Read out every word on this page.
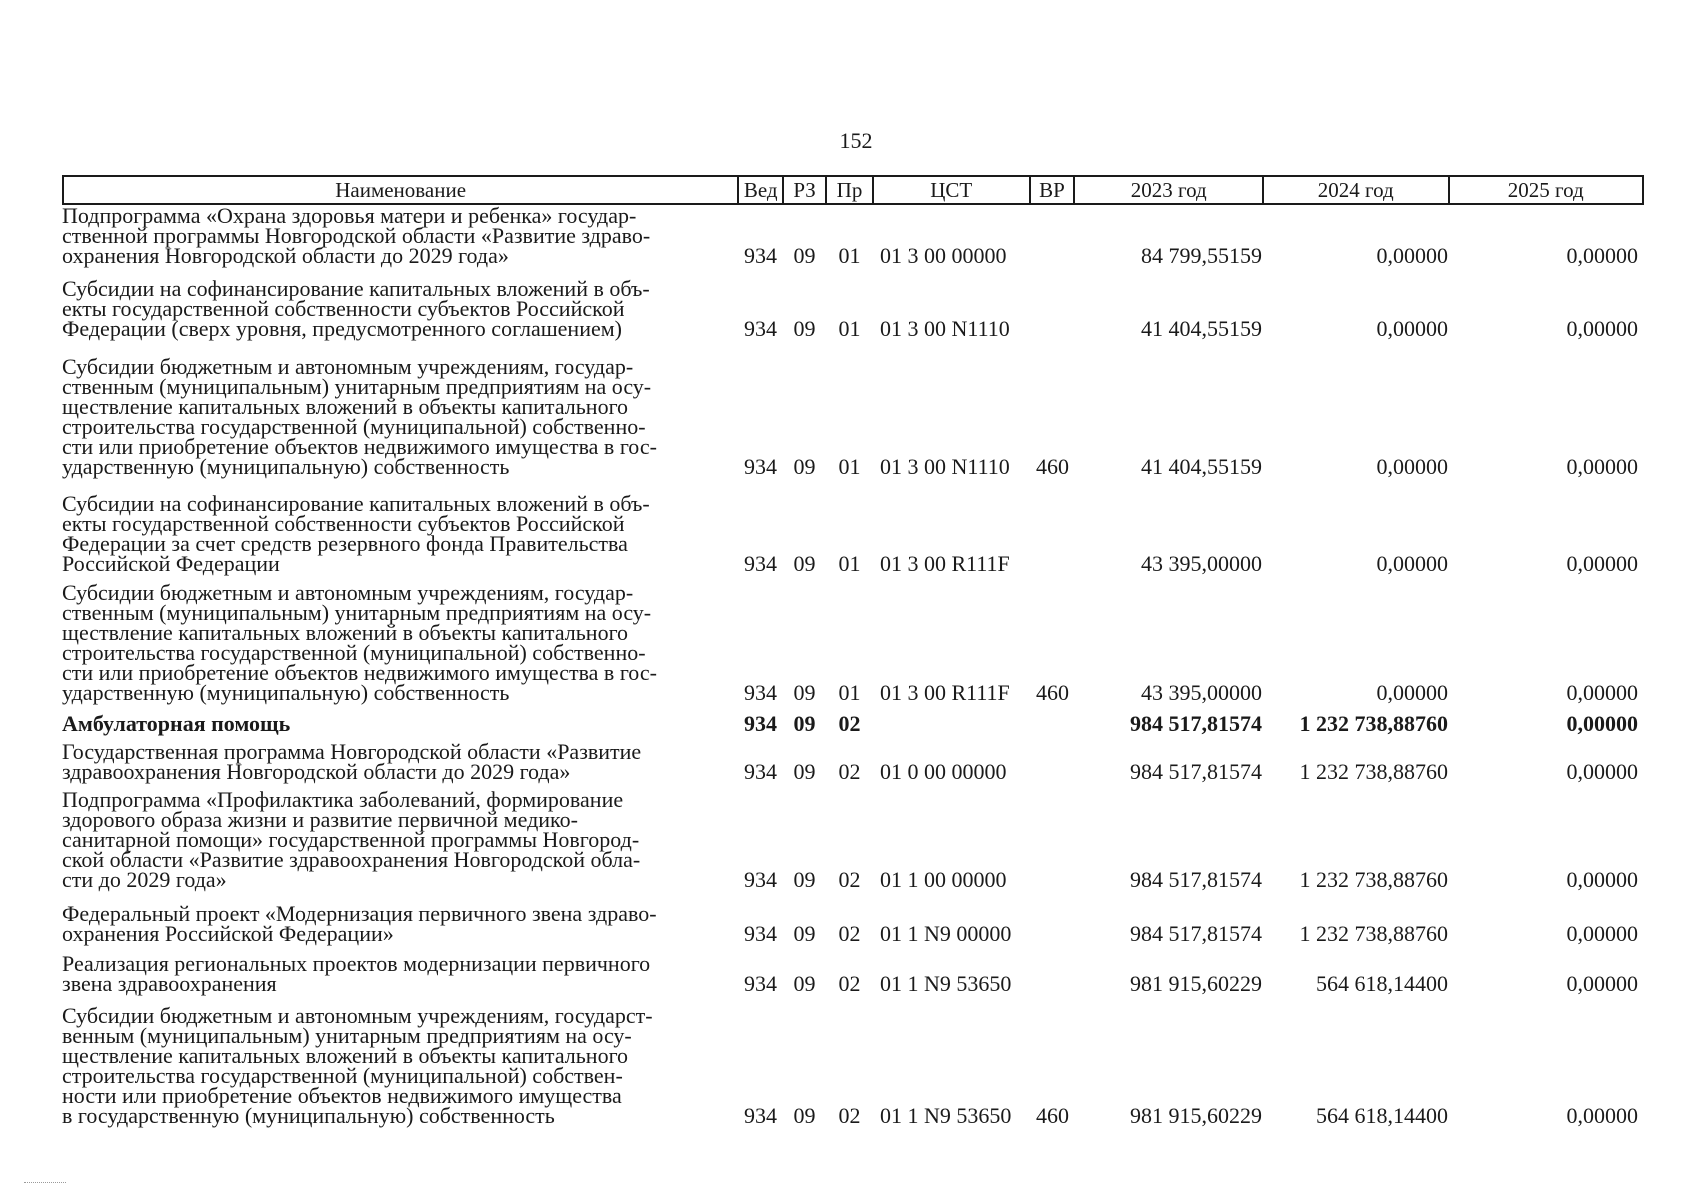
152
Наименование	Вед РЗ Пр	ЦСТ	ВР	2023 год	2024 год	2025 год
Подпрограмма «Охрана здоровья матери и ребенка» государ-
ственной программы Новгородской области «Развитие здраво-
охранения Новгородской области до 2029 года»	934 09	01 01 3 00 00000	84 799,55159	0,00000	0,00000
Субсидии на софинансирование капитальных вложений в объ-
екты государственной собственности субъектов Российской
Федерации (сверх уровня, предусмотренного соглашением)	934 09	01 01 3 00 N1110	41 404,55159	0,00000	0,00000
Субсидии бюджетным и автономным учреждениям, государ-
ственным (муниципальным) унитарным предприятиям на осу-
ществление капитальных вложений в объекты капитального
строительства государственной (муниципальной) собственно-
сти или приобретение объектов недвижимого имущества в гос-
ударственную (муниципальную) собственность	934 09	01 01 3 00 N1110	460	41 404,55159	0,00000	0,00000
Субсидии на софинансирование капитальных вложений в объ-
екты государственной собственности субъектов Российской
Федерации за счет средств резервного фонда Правительства
Российской Федерации	934 09	01 01 3 00 R111F	43 395,00000	0,00000	0,00000
Субсидии бюджетным и автономным учреждениям, государ-
ственным (муниципальным) унитарным предприятиям на осу-
ществление капитальных вложений в объекты капитального
строительства государственной (муниципальной) собственно-
сти или приобретение объектов недвижимого имущества в гос-
ударственную (муниципальную) собственность	934 09	01 01 3 00 R111F	460	43 395,00000	0,00000	0,00000
Амбулаторная помощь	934 09	02	984 517,81574	1 232 738,88760	0,00000
Государственная программа Новгородской области «Развитие
здравоохранения Новгородской области до 2029 года»	934 09	02 01 0 00 00000	984 517,81574	1 232 738,88760	0,00000
Подпрограмма «Профилактика заболеваний, формирование
здорового образа жизни и развитие первичной медико-
санитарной помощи» государственной программы Новгород-
ской области «Развитие здравоохранения Новгородской обла-
сти до 2029 года»	934 09	02 01 1 00 00000	984 517,81574	1 232 738,88760	0,00000
Федеральный проект «Модернизация первичного звена здраво-
охранения Российской Федерации»	934 09	02 01 1 N9 00000	984 517,81574	1 232 738,88760	0,00000
Реализация региональных проектов модернизации первичного
звена здравоохранения	934 09	02 01 1 N9 53650	981 915,60229	564 618,14400	0,00000
Субсидии бюджетным и автономным учреждениям, государст-
венным (муниципальным) унитарным предприятиям на осу-
ществление капитальных вложений в объекты капитального
строительства государственной (муниципальной) собствен-
ности или приобретение объектов недвижимого имущества
в государственную (муниципальную) собственность	934 09	02 01 1 N9 53650	460	981 915,60229	564 618,14400	0,00000
